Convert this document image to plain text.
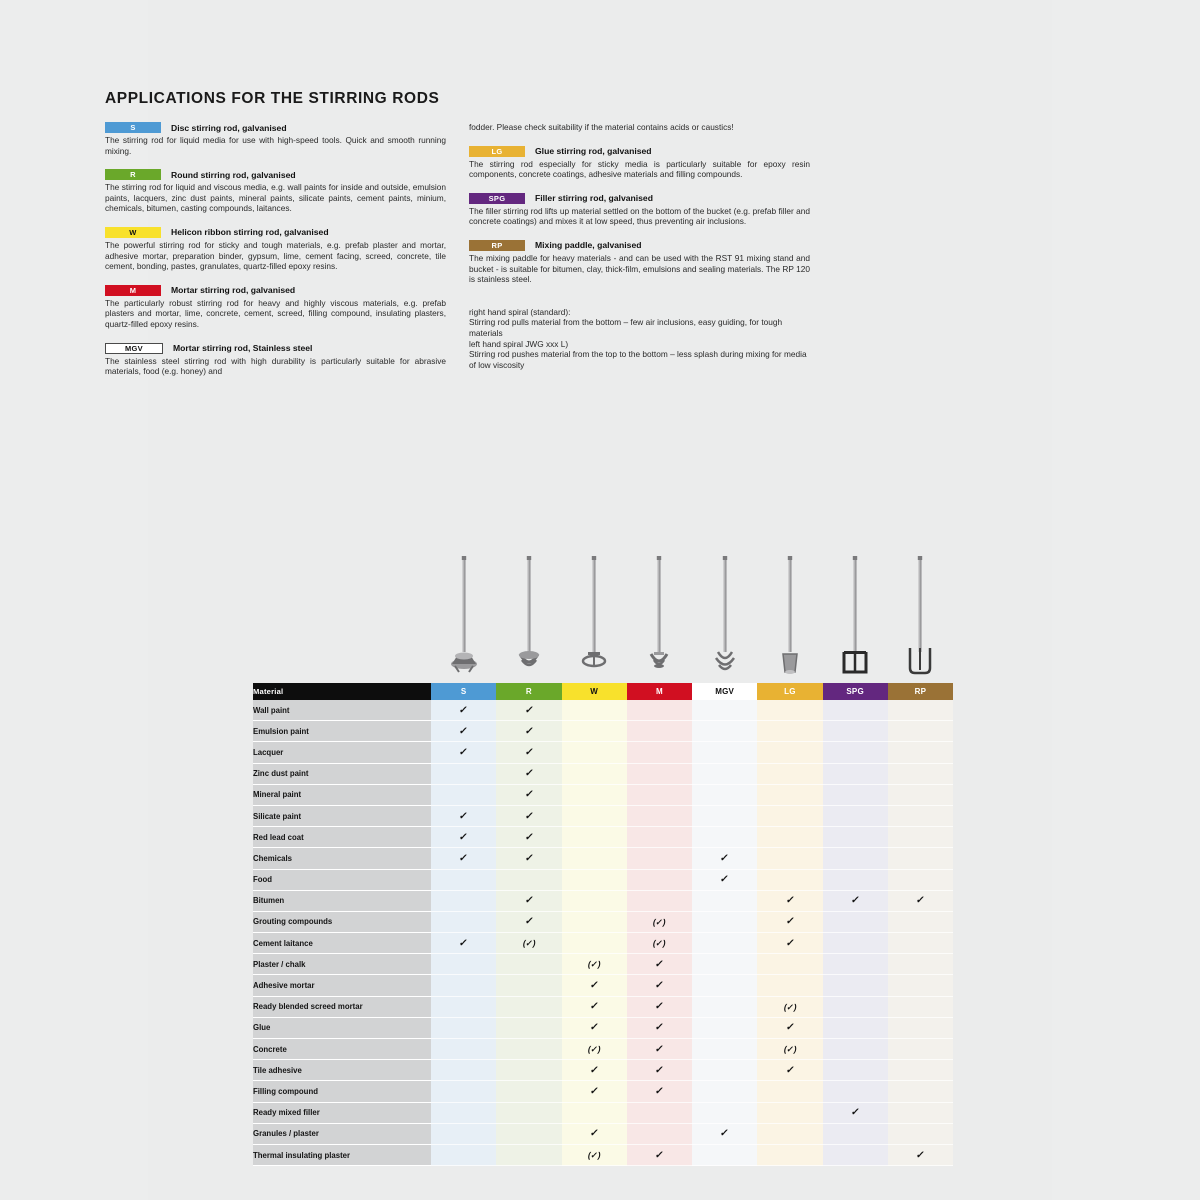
APPLICATIONS FOR THE STIRRING RODS
S	Disc stirring rod, galvanised

The stirring rod for liquid media for use with high-speed tools. Quick and smooth running mixing.

R	Round stirring rod, galvanised

The stirring rod for liquid and viscous media, e.g. wall paints for inside and outside, emulsion paints, lacquers, zinc dust paints, mineral paints, silicate paints, cement paints, minium, chemicals, bitumen, casting compounds, laitances.

W	Helicon ribbon stirring rod, galvanised

The powerful stirring rod for sticky and tough materials, e.g. prefab plaster and mortar, adhesive mortar, preparation binder, gypsum, lime, cement facing, screed, concrete, tile cement, bonding, pastes, granulates, quartz-filled epoxy resins.

M	Mortar stirring rod, galvanised

The particularly robust stirring rod for heavy and highly viscous materials, e.g. prefab plasters and mortar, lime, concrete, cement, screed, filling compound, insulating plasters, quartz-filled epoxy resins.

MGV	Mortar stirring rod, Stainless steel

The stainless steel stirring rod with high durability is particularly suitable for abrasive materials, food (e.g. honey) and

fodder. Please check suitability if the material contains acids or caustics!

LG	Glue stirring rod, galvanised

The stirring rod especially for sticky media is particularly suitable for epoxy resin components, concrete coatings, adhesive materials and filling compounds.

SPG	Filler stirring rod, galvanised

The filler stirring rod lifts up material settled on the bottom of the bucket (e.g. prefab filler and concrete coatings) and mixes it at low speed, thus preventing air inclusions.

RP	Mixing paddle, galvanised

The mixing paddle for heavy materials - and can be used with the RST 91 mixing stand and bucket - is suitable for bitumen, clay, thick-film, emulsions and sealing materials. The RP 120 is stainless steel.

right hand spiral (standard):

Stirring rod pulls material from the bottom – few air inclusions, easy guiding, for tough materials

left hand spiral JWG xxx L)

Stirring rod pushes material from the top to the bottom – less splash during mixing for media of low viscosity

Material	S	R	W	M	MGV	LG	SPG	RP
Wall paint	✓	✓						
Emulsion paint	✓	✓						
Lacquer	✓	✓						
Zinc dust paint		✓						
Mineral paint		✓						
Silicate paint	✓	✓						
Red lead coat	✓	✓						
Chemicals	✓	✓			✓			
Food					✓			
Bitumen		✓				✓	✓	✓
Grouting compounds		✓		(✓)		✓		
Cement laitance	✓	(✓)		(✓)		✓		
Plaster / chalk			(✓)	✓				
Adhesive mortar			✓	✓				
Ready blended screed mortar			✓	✓		(✓)		
Glue			✓	✓		✓		
Concrete			(✓)	✓		(✓)		
Tile adhesive			✓	✓		✓		
Filling compound			✓	✓				
Ready mixed filler							✓	
Granules / plaster			✓		✓			
Thermal insulating plaster			(✓)	✓				✓
